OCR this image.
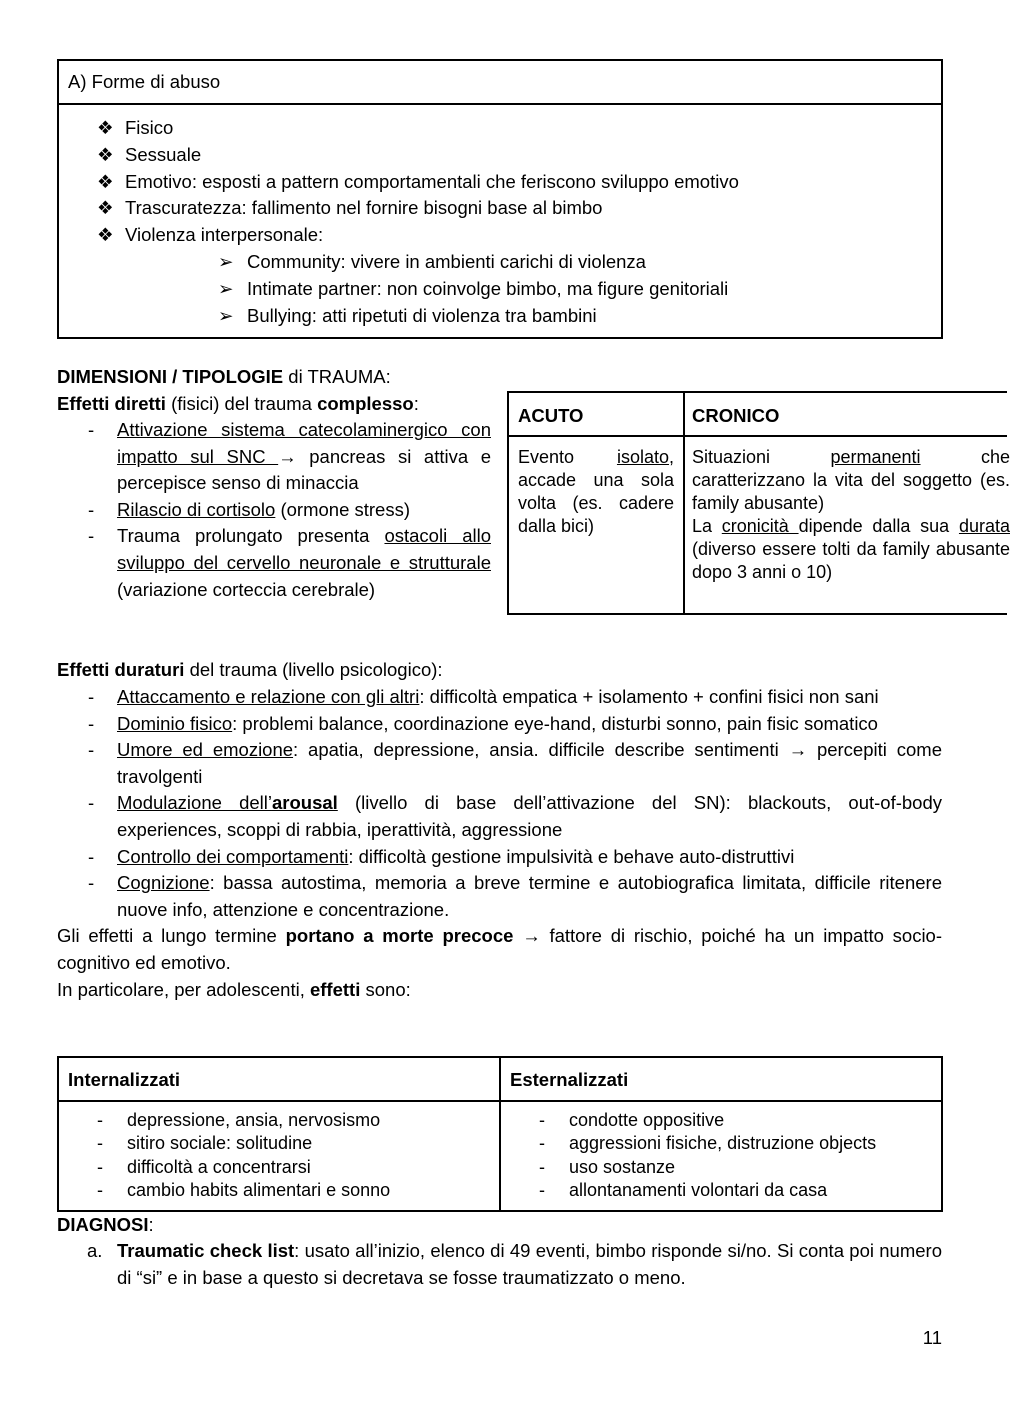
A) Forme di abuso
❖ Fisico
❖ Sessuale
❖ Emotivo: esposti a pattern comportamentali che feriscono sviluppo emotivo
❖ Trascuratezza: fallimento nel fornire bisogni base al bimbo
❖ Violenza interpersonale:
➢ Community: vivere in ambienti carichi di violenza
➢ Intimate partner: non coinvolge bimbo, ma figure genitoriali
➢ Bullying: atti ripetuti di violenza tra bambini
DIMENSIONI / TIPOLOGIE di TRAUMA:
Effetti diretti (fisici) del trauma complesso:
- Attivazione sistema catecolaminergico con impatto sul SNC → pancreas si attiva e percepisce senso di minaccia
- Rilascio di cortisolo (ormone stress)
- Trauma prolungato presenta ostacoli allo sviluppo del cervello neuronale e strutturale (variazione corteccia cerebrale)
ACUTO	CRONICO
Evento isolato, accade una sola volta (es. cadere dalla bici)
Situazioni permanenti che caratterizzano la vita del soggetto (es. family abusante)
La cronicità dipende dalla sua durata (diverso essere tolti da family abusante dopo 3 anni o 10)
Effetti duraturi del trauma (livello psicologico):
- Attaccamento e relazione con gli altri: difficoltà empatica + isolamento + confini fisici non sani
- Dominio fisico: problemi balance, coordinazione eye-hand, disturbi sonno, pain fisic somatico
- Umore ed emozione: apatia, depressione, ansia. difficile describe sentimenti → percepiti come travolgenti
- Modulazione dell’arousal (livello di base dell’attivazione del SN): blackouts, out-of-body experiences, scoppi di rabbia, iperattività, aggressione
- Controllo dei comportamenti: difficoltà gestione impulsività e behave auto-distruttivi
- Cognizione: bassa autostima, memoria a breve termine e autobiografica limitata, difficile ritenere nuove info, attenzione e concentrazione.
Gli effetti a lungo termine portano a morte precoce → fattore di rischio, poiché ha un impatto socio-cognitivo ed emotivo.
In particolare, per adolescenti, effetti sono:
Internalizzati	Esternalizzati
- depressione, ansia, nervosismo
- sitiro sociale: solitudine
- difficoltà a concentrarsi
- cambio habits alimentari e sonno
- condotte oppositive
- aggressioni fisiche, distruzione objects
- uso sostanze
- allontanamenti volontari da casa
DIAGNOSI:
a. Traumatic check list: usato all’inizio, elenco di 49 eventi, bimbo risponde si/no. Si conta poi numero di “si” e in base a questo si decretava se fosse traumatizzato o meno.
11
